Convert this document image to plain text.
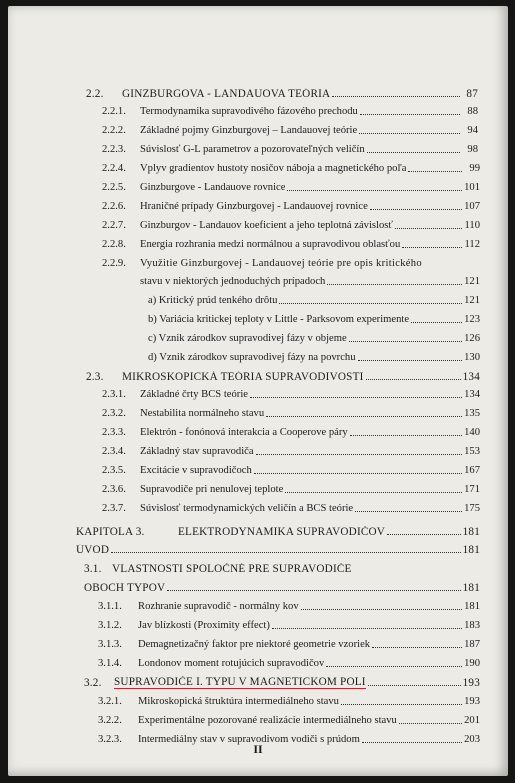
2.2.	GINZBURGOVA - LANDAUOVA TEÓRIA	87
2.2.1.	Termodynamika supravodivého fázového prechodu	88
2.2.2.	Základné pojmy Ginzburgovej – Landauovej teórie	94
2.2.3.	Súvislosť G-L parametrov a pozorovateľných veličín	98
2.2.4.	Vplyv gradientov hustoty nosičov náboja a magnetického poľa	99
2.2.5.	Ginzburgove - Landauove rovnice	101
2.2.6.	Hraničné prípady Ginzburgovej - Landauovej rovnice	107
2.2.7.	Ginzburgov - Landauov koeficient a jeho teplotná závislosť	110
2.2.8.	Energia rozhrania medzi normálnou a supravodivou oblasťou	112
2.2.9.	Využitie Ginzburgovej - Landauovej teórie pre opis kritického
stavu v niektorých jednoduchých prípadoch	121
a) Kritický prúd tenkého drôtu	121
b) Variácia kritickej teploty v Little - Parksovom experimente	123
c) Vznik zárodkov supravodivej fázy v objeme	126
d) Vznik zárodkov supravodivej fázy na povrchu	130
2.3.	MIKROSKOPICKÁ TEÓRIA SUPRAVODIVOSTI	134
2.3.1.	Základné črty BCS teórie	134
2.3.2.	Nestabilita normálneho stavu	135
2.3.3.	Elektrón - fonónová interakcia a Cooperove páry	140
2.3.4.	Základný stav supravodiča	153
2.3.5.	Excitácie v supravodičoch	167
2.3.6.	Supravodiče pri nenulovej teplote	171
2.3.7.	Súvislosť termodynamických veličín a BCS teórie	175
KAPITOLA 3.	ELEKTRODYNAMIKA SUPRAVODIČOV	181
ÚVOD	181
3.1. VLASTNOSTI SPOLOČNÉ PRE SUPRAVODIČE
OBOCH TYPOV	181
3.1.1.	Rozhranie supravodič - normálny kov	181
3.1.2.	Jav blízkosti (Proximity effect)	183
3.1.3.	Demagnetizačný faktor pre niektoré geometrie vzoriek	187
3.1.4.	Londonov moment rotujúcich supravodičov	190
3.2.	SUPRAVODIČE I. TYPU V MAGNETICKOM POLI	193
3.2.1.	Mikroskopická štruktúra intermediálneho stavu	193
3.2.2.	Experimentálne pozorované realizácie intermediálneho stavu	201
3.2.3.	Intermediálny stav v supravodivom vodiči s prúdom	203
II
